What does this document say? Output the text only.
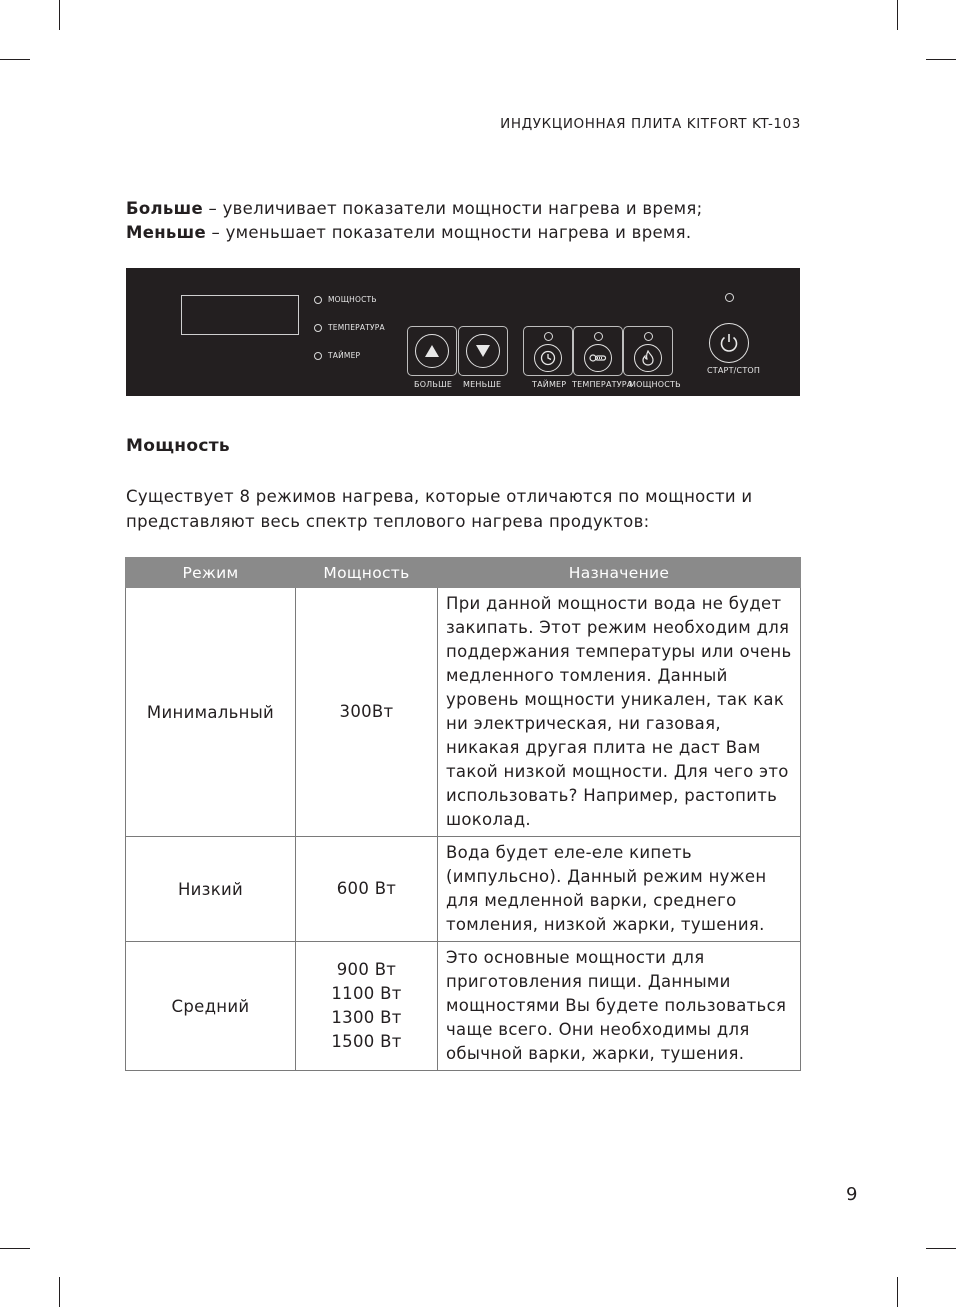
ИНДУКЦИОННАЯ ПЛИТА KITFORT KT-103
Больше – увеличивает показатели мощности нагрева и время;
Меньше – уменьшает показатели мощности нагрева и время.
МОЩНОСТЬ
ТЕМПЕРАТУРА
ТАЙМЕР
БОЛЬШЕ МЕНЬШЕ	ТАЙМЕР ТЕМПЕРАТУРА
МОЩНОСТЬ
СТАРТ/СТОП
Мощность
Существует 8 режимов нагрева, которые отличаются по мощности и представляют весь спектр теплового нагрева продуктов:
Режим	Мощность	Назначение
Минимальный	300Вт	При данной мощности вода не будет закипать. Этот режим необходим для поддержания температуры или очень медленного томления. Данный уровень мощности уникален, так как ни электрическая, ни газовая, никакая другая плита не даст Вам такой низкой мощности. Для чего это использовать? Например, растопить шоколад.
Низкий	600 Вт	Вода будет еле-еле кипеть (импульсно). Данный режим нужен для медленной варки, среднего томления, низкой жарки, тушения.
Средний	900 Вт
1100 Вт
1300 Вт
1500 Вт	Это основные мощности для приготовления пищи. Данными мощностями Вы будете пользоваться чаще всего. Они необходимы для обычной варки, жарки, тушения.
9
